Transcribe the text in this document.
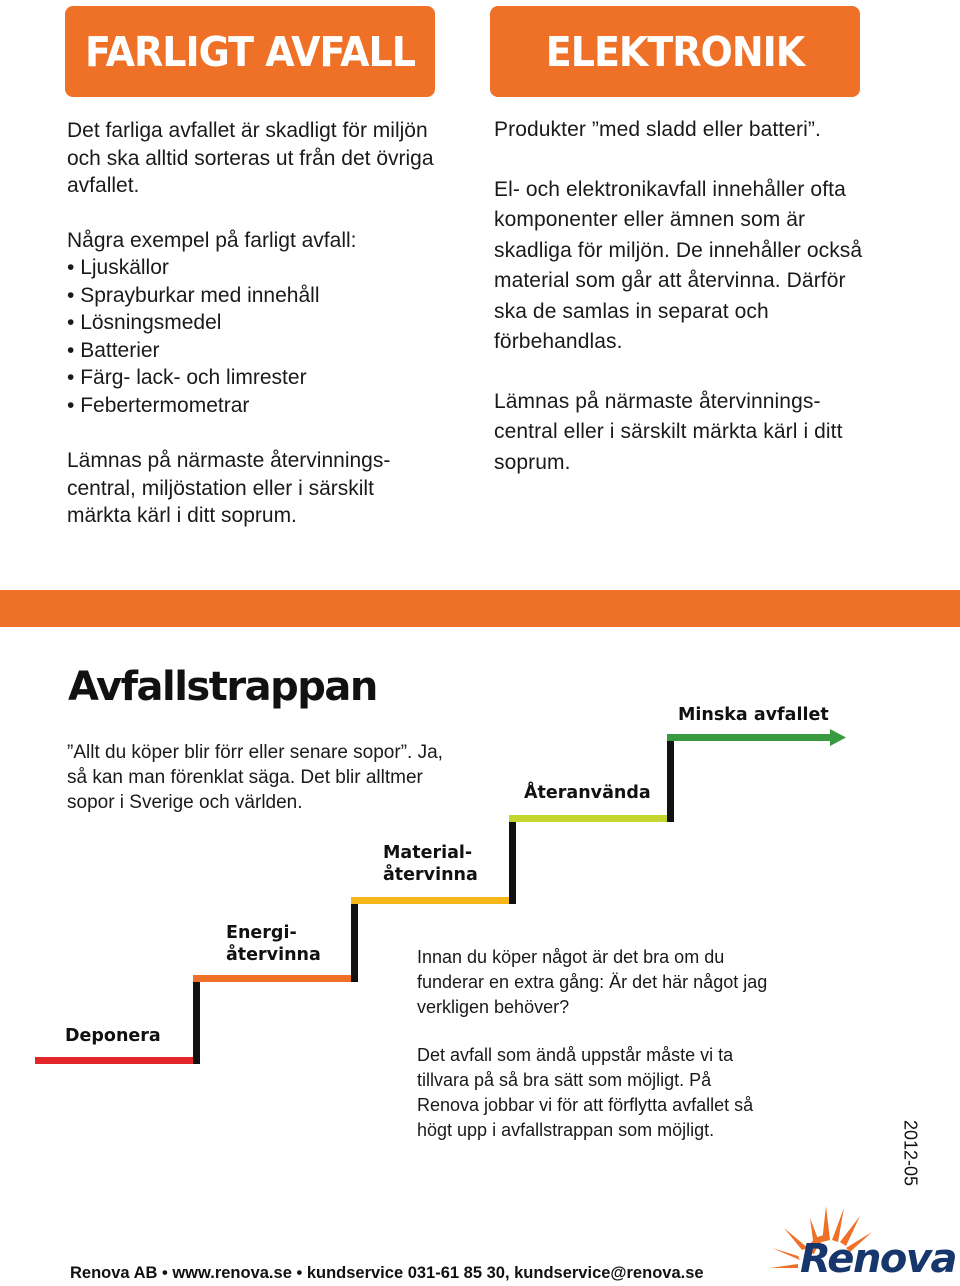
FARLIGT AVFALL	ELEKTRONIK

Det farliga avfallet är skadligt för miljön och ska alltid sorteras ut från det övriga avfallet.

Några exempel på farligt avfall:

• Ljuskällor
• Sprayburkar med innehåll
• Lösningsmedel
• Batterier
• Färg- lack- och limrester
• Febertermometrar

Lämnas på närmaste återvinnings-central, miljöstation eller i särskilt märkta kärl i ditt soprum.

Produkter ”med sladd eller batteri”.

El- och elektronikavfall innehåller ofta komponenter eller ämnen som är skadliga för miljön. De innehåller också material som går att återvinna. Därför ska de samlas in separat och förbehandlas.

Lämnas på närmaste återvinnings-central eller i särskilt märkta kärl i ditt soprum.

Avfallstrappan

”Allt du köper blir förr eller senare sopor”. Ja, så kan man förenklat säga. Det blir alltmer sopor i Sverige och världen.

Deponera
Energi-
återvinna
Material-
återvinna
Återanvända
Minska avfallet

Innan du köper något är det bra om du funderar en extra gång: Är det här något jag verkligen behöver?

Det avfall som ändå uppstår måste vi ta tillvara på så bra sätt som möjligt. På Renova jobbar vi för att förflytta avfallet så högt upp i avfallstrappan som möjligt.	2012-05
Renova
Renova AB • www.renova.se • kundservice 031-61 85 30, kundservice@renova.se
